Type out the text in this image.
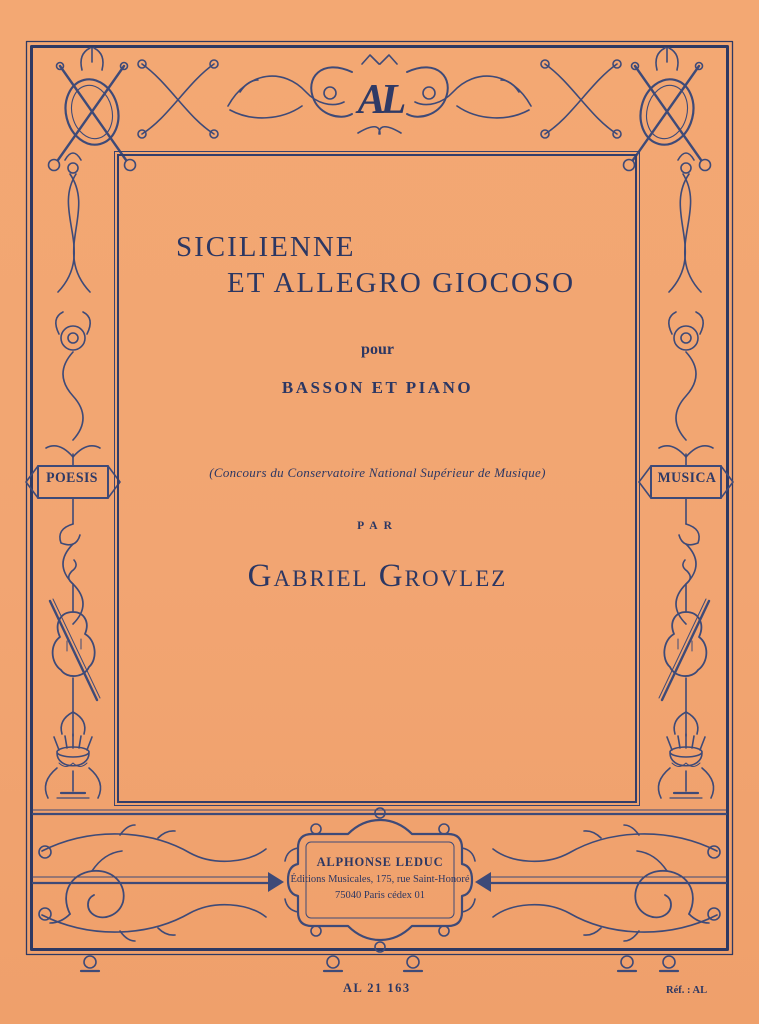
AL
POESIS	MUSICA
SICILIENNE
ET ALLEGRO GIOCOSO
pour
BASSON ET PIANO
(Concours du Conservatoire National Supérieur de Musique)
PAR
Gabriel Grovlez
ALPHONSE LEDUC
Éditions Musicales, 175, rue Saint-Honoré
75040 Paris cédex 01
AL 21 163	Réf. : AL
